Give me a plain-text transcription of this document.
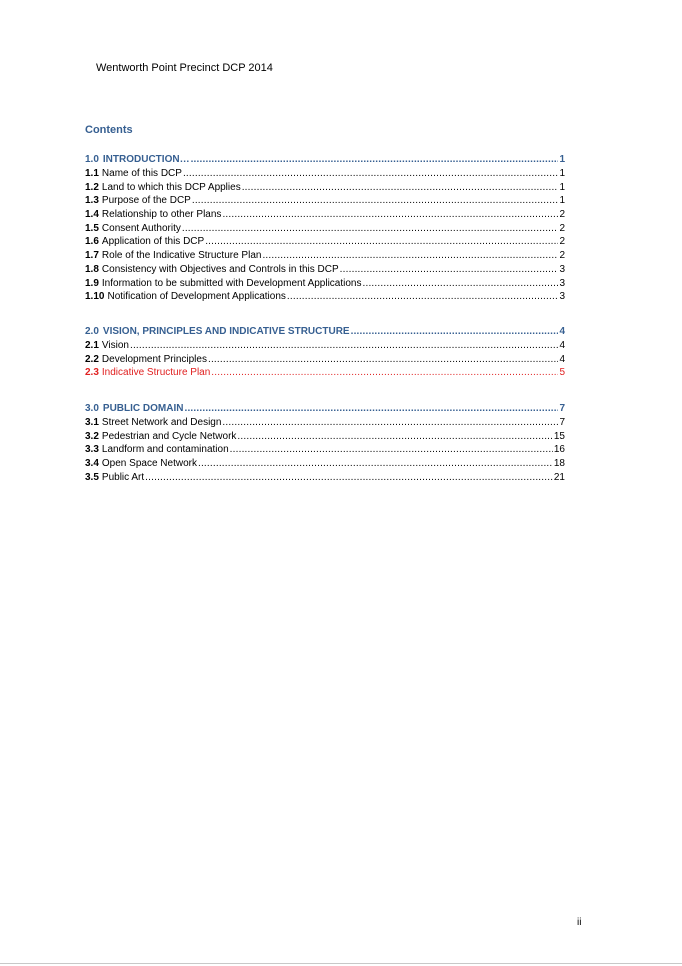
Wentworth Point Precinct DCP 2014
Contents
1.0 INTRODUCTION… .....	1
1.1 Name of this DCP .....	1
1.2 Land to which this DCP Applies .....	1
1.3 Purpose of the DCP .....	1
1.4 Relationship to other Plans .....	2
1.5 Consent Authority .....	2
1.6 Application of this DCP .....	2
1.7 Role of the Indicative Structure Plan .....	2
1.8 Consistency with Objectives and Controls in this DCP .....	3
1.9 Information to be submitted with Development Applications .....	3
1.10 Notification of Development Applications .....	3
2.0 VISION, PRINCIPLES AND INDICATIVE STRUCTURE .....	4
2.1 Vision .....	4
2.2 Development Principles .....	4
2.3 Indicative Structure Plan .....	5
3.0 PUBLIC DOMAIN .....	7
3.1 Street Network and Design .....	7
3.2 Pedestrian and Cycle Network .....	15
3.3 Landform and contamination .....	16
3.4 Open Space Network .....	18
3.5 Public Art .....	21
ii
